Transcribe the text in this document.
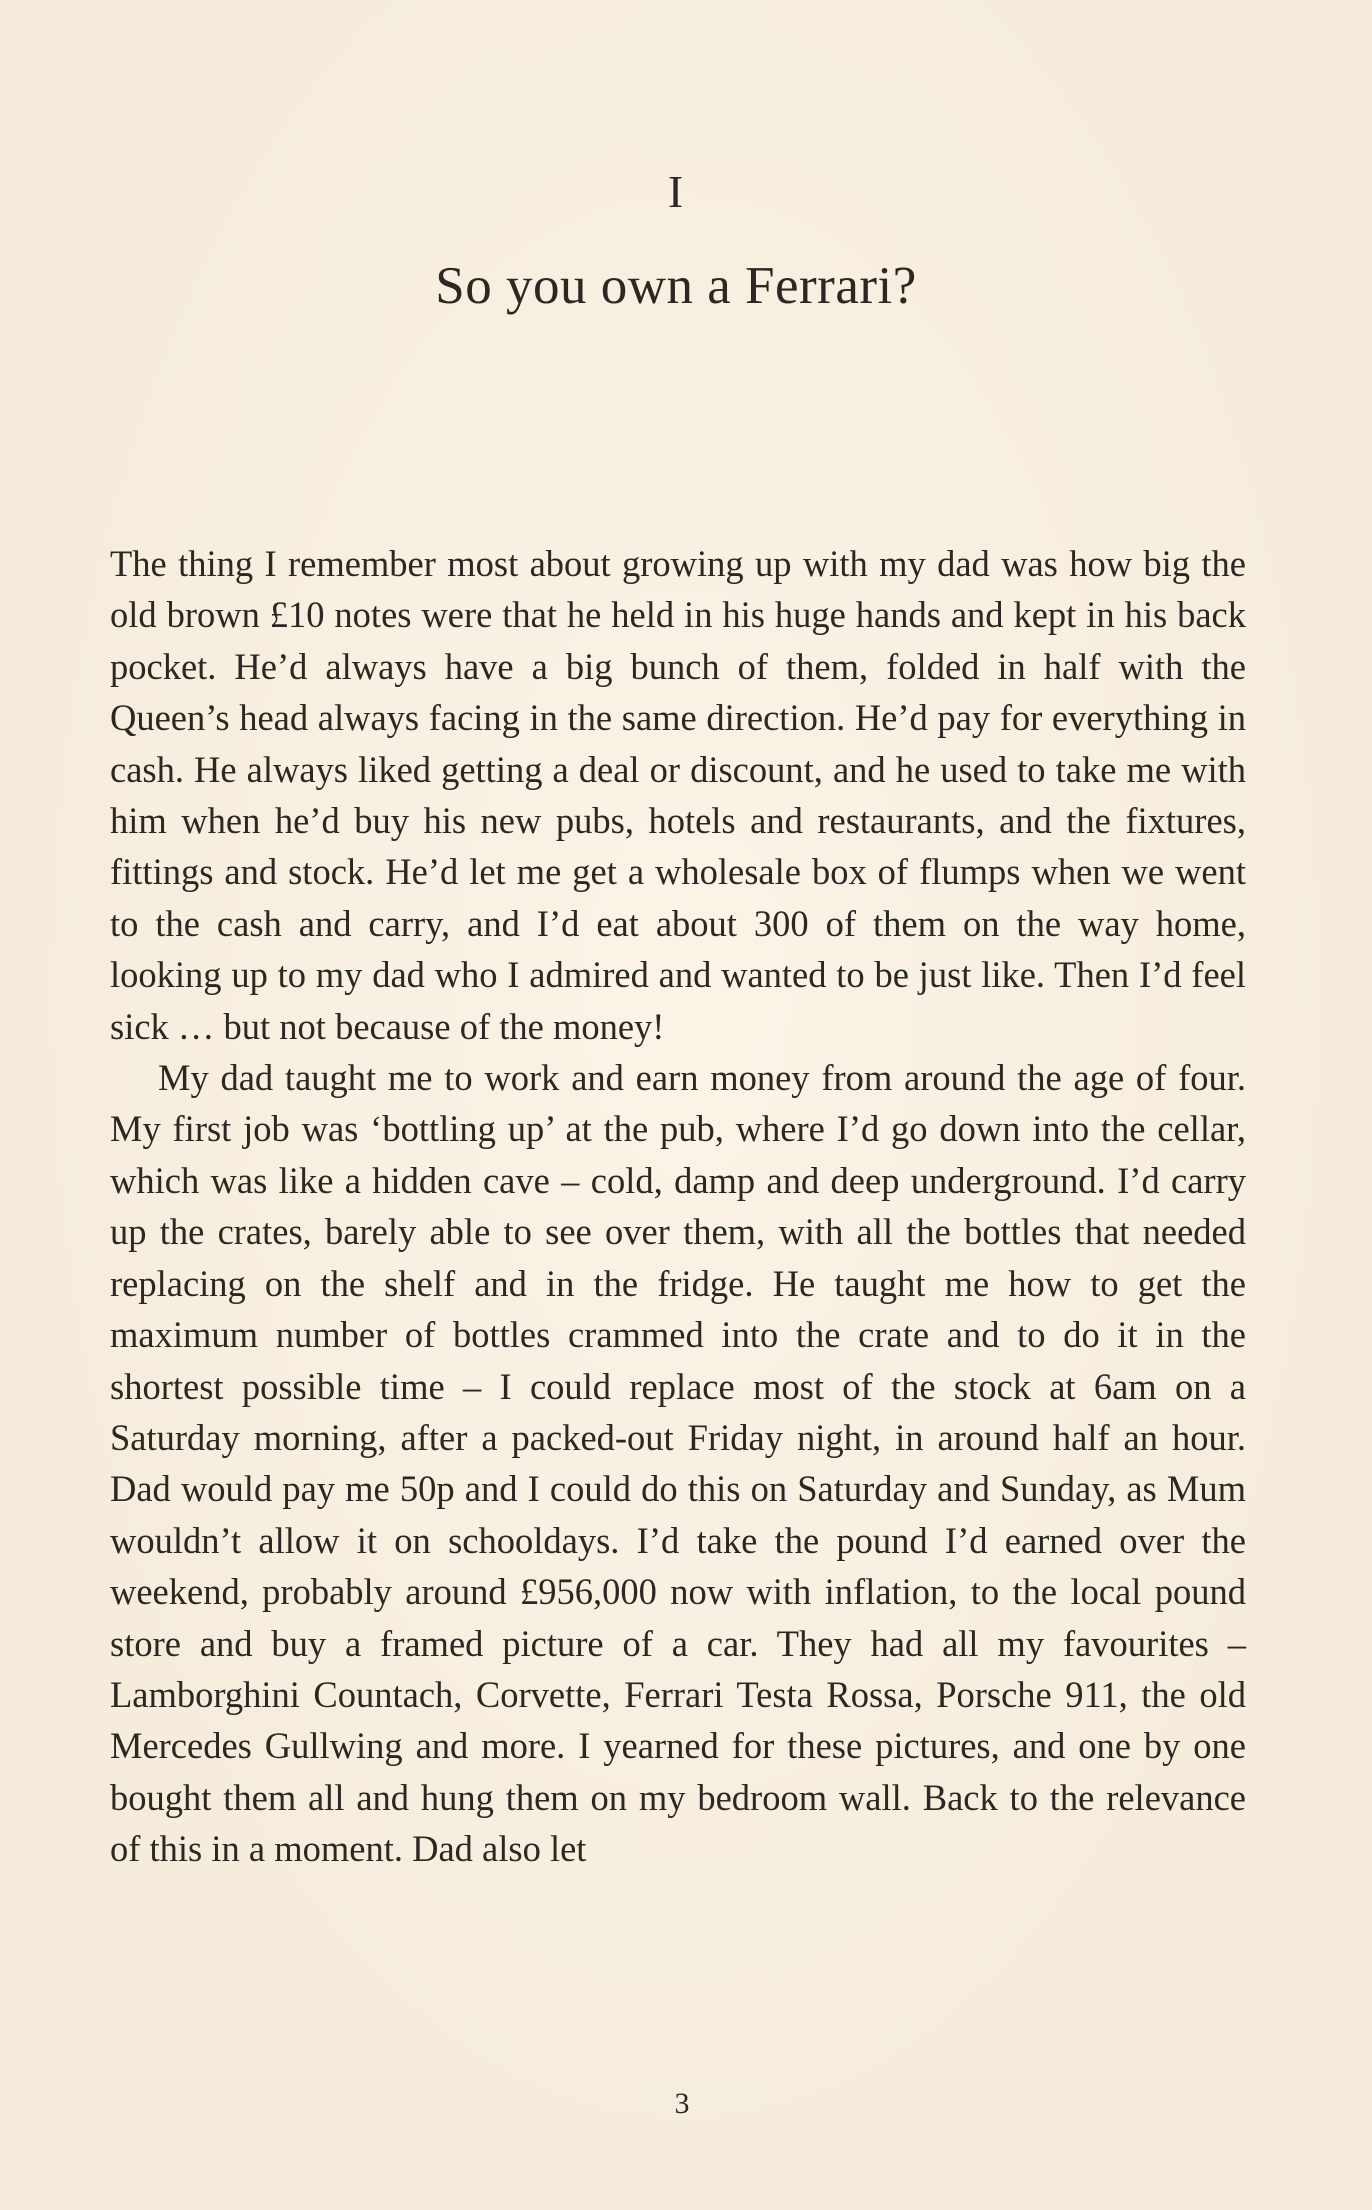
I
So you own a Ferrari?

The thing I remember most about growing up with my dad was how big the old brown £10 notes were that he held in his huge hands and kept in his back pocket. He’d always have a big bunch of them, folded in half with the Queen’s head always facing in the same direction. He’d pay for everything in cash. He always liked getting a deal or discount, and he used to take me with him when he’d buy his new pubs, hotels and restaurants, and the fixtures, fittings and stock. He’d let me get a wholesale box of flumps when we went to the cash and carry, and I’d eat about 300 of them on the way home, looking up to my dad who I admired and wanted to be just like. Then I’d feel sick … but not because of the money!

My dad taught me to work and earn money from around the age of four. My first job was ‘bottling up’ at the pub, where I’d go down into the cellar, which was like a hidden cave – cold, damp and deep underground. I’d carry up the crates, barely able to see over them, with all the bottles that needed replacing on the shelf and in the fridge. He taught me how to get the maximum number of bottles crammed into the crate and to do it in the shortest possible time – I could replace most of the stock at 6am on a Saturday morning, after a packed-out Friday night, in around half an hour. Dad would pay me 50p and I could do this on Saturday and Sunday, as Mum wouldn’t allow it on schooldays. I’d take the pound I’d earned over the weekend, probably around £956,000 now with inflation, to the local pound store and buy a framed picture of a car. They had all my favourites – Lamborghini Countach, Corvette, Ferrari Testa Rossa, Porsche 911, the old Mercedes Gullwing and more. I yearned for these pictures, and one by one bought them all and hung them on my bedroom wall. Back to the relevance of this in a moment. Dad also let

3
